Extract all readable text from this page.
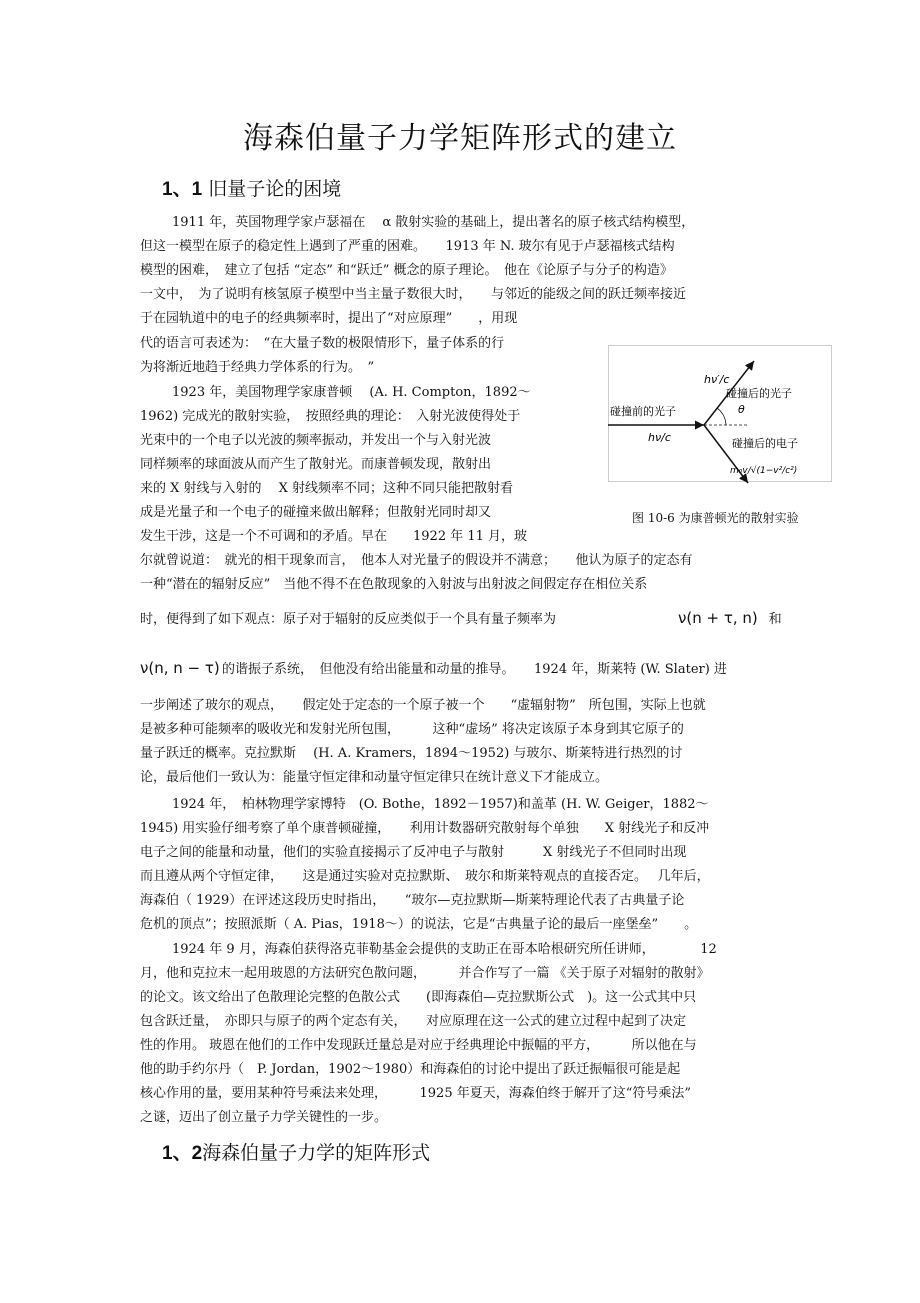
海森伯量子力学矩阵形式的建立
1、1 旧量子论的困境
1911 年，英国物理学家卢瑟福在　 α 散射实验的基础上，提出著名的原子核式结构模型，
但这一模型在原子的稳定性上遇到了严重的困难。　　1913 年 N. 玻尔有见于卢瑟福核式结构
模型的困难，　建立了包括 “定态” 和“跃迁” 概念的原子理论。　他在《论原子与分子的构造》
一文中，　为了说明有核氢原子模型中当主量子数很大时，　　与邻近的能级之间的跃迁频率接近
于在园轨道中的电子的经典频率时，提出了“对应原理”　　，用现
代的语言可表述为：　“在大量子数的极限情形下，量子体系的行
为将渐近地趋于经典力学体系的行为。　”
1923 年，美国物理学家康普顿　 (A. H. Compton，1892～
1962) 完成光的散射实验，　按照经典的理论：　入射光波使得处于
光束中的一个电子以光波的频率振动，并发出一个与入射光波
同样频率的球面波从而产生了散射光。而康普顿发现，散射出
来的 X 射线与入射的　 X 射线频率不同；这种不同只能把散射看
成是光量子和一个电子的碰撞来做出解释；但散射光同时却又
发生干涉，这是一个不可调和的矛盾。早在　　1922 年 11 月，玻
尔就曾说道：　就光的相干现象而言，　他本人对光量子的假设并不满意；　　他认为原子的定态有
一种“潜在的辐射反应”　当他不得不在色散现象的入射波与出射波之间假定存在相位关系
时，便得到了如下观点：原子对于辐射的反应类似于一个具有量子频率为	ν(n + τ, n) 和
ν(n, n − τ) 的谐振子系统，　但他没有给出能量和动量的推导。　　1924 年，斯莱特 (W. Slater) 进
一步阐述了玻尔的观点，　　假定处于定态的一个原子被一个　　“虚辐射物”　所包围，实际上也就
是被多种可能频率的吸收光和发射光所包围，　　　这种“虚场” 将决定该原子本身到其它原子的
量子跃迁的概率。克拉默斯　 (H. A. Kramers，1894～1952) 与玻尔、斯莱特进行热烈的讨
论，最后他们一致认为：能量守恒定律和动量守恒定律只在统计意义下才能成立。
1924 年，　柏林物理学家博特　(O. Bothe，1892－1957)和盖革 (H. W. Geiger，1882～
1945) 用实验仔细考察了单个康普顿碰撞，　　利用计数器研究散射每个单独　　X 射线光子和反冲
电子之间的能量和动量，他们的实验直接揭示了反冲电子与散射　　　X 射线光子不但同时出现
而且遵从两个守恒定律，　　这是通过实验对克拉默斯、　玻尔和斯莱特观点的直接否定。　 几年后，
海森伯（ 1929）在评述这段历史时指出，　　“玻尔—克拉默斯—斯莱特理论代表了古典量子论
危机的顶点”；按照派斯（ A. Pias，1918～）的说法，它是“古典量子论的最后一座堡垒”　　。
1924 年 9 月，海森伯获得洛克菲勒基金会提供的支助正在哥本哈根研究所任讲师，　　　　12
月，他和克拉末一起用玻恩的方法研究色散问题，　　　并合作写了一篇 《关于原子对辐射的散射》
的论文。该文给出了色散理论完整的色散公式　　(即海森伯—克拉默斯公式　)。这一公式其中只
包含跃迁量，　亦即只与原子的两个定态有关，　　对应原理在这一公式的建立过程中起到了决定
性的作用。 玻恩在他们的工作中发现跃迁量总是对应于经典理论中振幅的平方，　　　所以他在与
他的助手约尔丹（　P. Jordan，1902～1980）和海森伯的讨论中提出了跃迁振幅很可能是起
核心作用的量，要用某种符号乘法来处理，　　　1925 年夏天，海森伯终于解开了这“符号乘法”
之谜，迈出了创立量子力学关键性的一步。
碰撞前的光子
hν/c
hν′/c
碰撞后的光子
θ
碰撞后的电子
m₀v/√(1−v²/c²)
图 10-6 为康普顿光的散射实验
1、2海森伯量子力学的矩阵形式
